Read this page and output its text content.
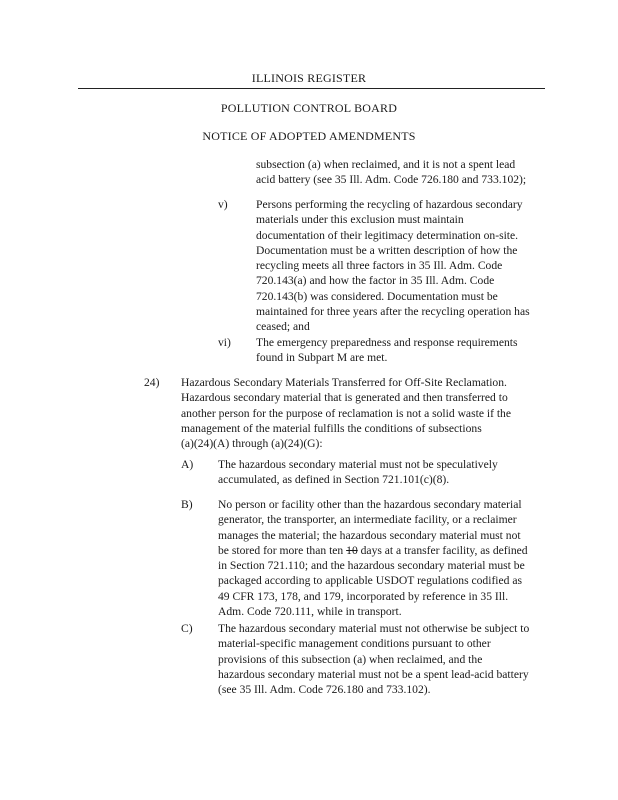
ILLINOIS REGISTER

POLLUTION CONTROL BOARD

NOTICE OF ADOPTED AMENDMENTS

subsection (a) when reclaimed, and it is not a spent lead
acid battery (see 35 Ill. Adm. Code 726.180 and 733.102);
v) Persons performing the recycling of hazardous secondary
materials under this exclusion must maintain
documentation of their legitimacy determination on-site.
Documentation must be a written description of how the
recycling meets all three factors in 35 Ill. Adm. Code
720.143(a) and how the factor in 35 Ill. Adm. Code
720.143(b) was considered. Documentation must be
maintained for three years after the recycling operation has
ceased; and
vi) The emergency preparedness and response requirements
found in Subpart M are met.
24) Hazardous Secondary Materials Transferred for Off-Site Reclamation.
Hazardous secondary material that is generated and then transferred to
another person for the purpose of reclamation is not a solid waste if the
management of the material fulfills the conditions of subsections
(a)(24)(A) through (a)(24)(G):
A) The hazardous secondary material must not be speculatively
accumulated, as defined in Section 721.101(c)(8).
B) No person or facility other than the hazardous secondary material
generator, the transporter, an intermediate facility, or a reclaimer
manages the material; the hazardous secondary material must not
be stored for more than ten 10 days at a transfer facility, as defined
in Section 721.110; and the hazardous secondary material must be
packaged according to applicable USDOT regulations codified as
49 CFR 173, 178, and 179, incorporated by reference in 35 Ill.
Adm. Code 720.111, while in transport.
C) The hazardous secondary material must not otherwise be subject to
material-specific management conditions pursuant to other
provisions of this subsection (a) when reclaimed, and the
hazardous secondary material must not be a spent lead-acid battery
(see 35 Ill. Adm. Code 726.180 and 733.102).
